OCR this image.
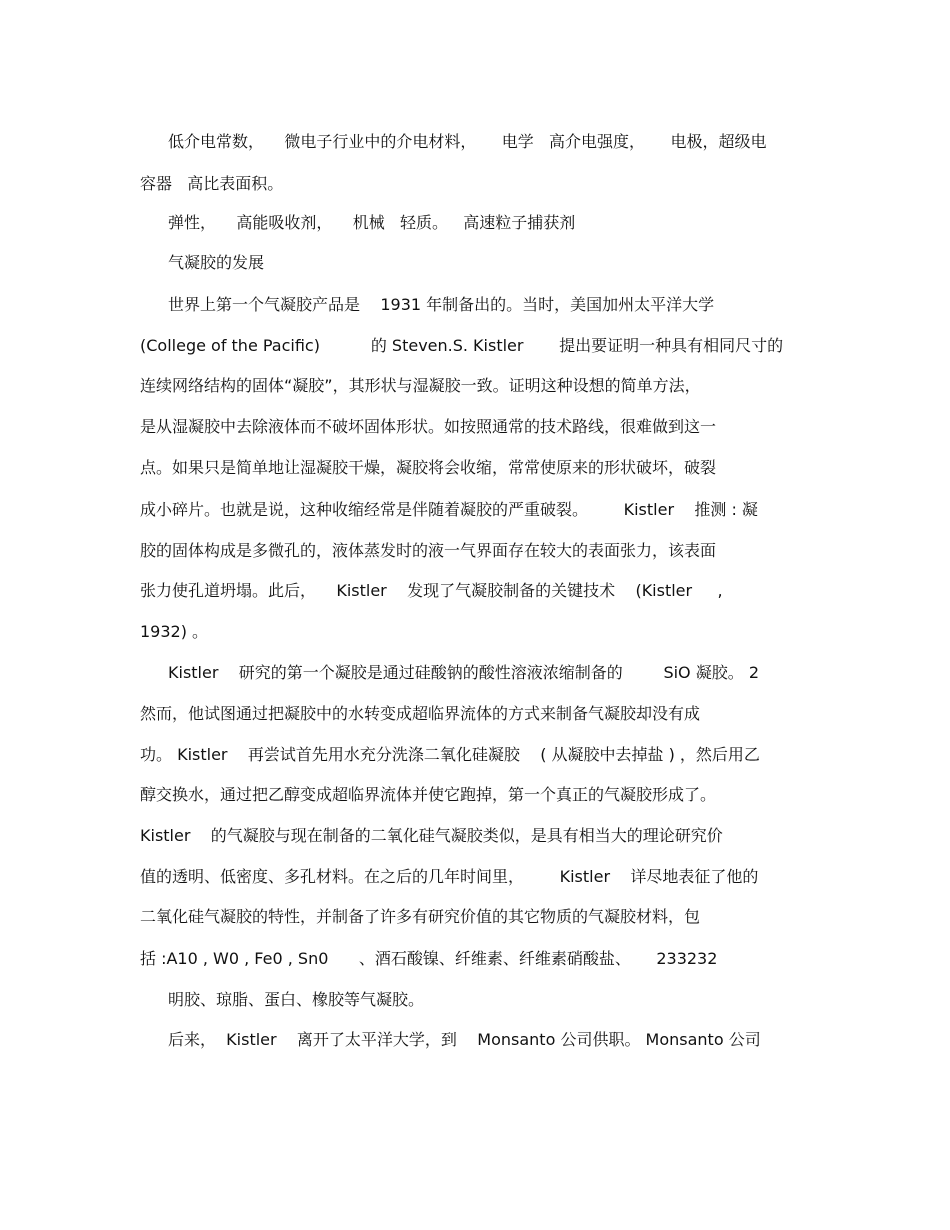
低介电常数，    微电子行业中的介电材料，     电学   高介电强度，     电极，超级电
容器   高比表面积。
弹性，    高能吸收剂，    机械   轻质。   高速粒子捕获剂
气凝胶的发展
世界上第一个气凝胶产品是    1931 年制备出的。当时，美国加州太平洋大学
(College of the Pacific)          的 Steven.S. Kistler       提出要证明一种具有相同尺寸的
连续网络结构的固体“凝胶”，其形状与湿凝胶一致。证明这种设想的简单方法，
是从湿凝胶中去除液体而不破坏固体形状。如按照通常的技术路线，很难做到这一
点。如果只是简单地让湿凝胶干燥，凝胶将会收缩，常常使原来的形状破坏，破裂
成小碎片。也就是说，这种收缩经常是伴随着凝胶的严重破裂。       Kistler    推测 : 凝
胶的固体构成是多微孔的，液体蒸发时的液一气界面存在较大的表面张力，该表面
张力使孔道坍塌。此后，    Kistler    发现了气凝胶制备的关键技术    (Kistler     ,
1932) 。
Kistler    研究的第一个凝胶是通过硅酸钠的酸性溶液浓缩制备的        SiO 凝胶。 2
然而，他试图通过把凝胶中的水转变成超临界流体的方式来制备气凝胶却没有成
功。 Kistler    再尝试首先用水充分洗涤二氧化硅凝胶    ( 从凝胶中去掉盐 ) ，然后用乙
醇交换水，通过把乙醇变成超临界流体并使它跑掉，第一个真正的气凝胶形成了。
Kistler    的气凝胶与现在制备的二氧化硅气凝胶类似，是具有相当大的理论研究价
值的透明、低密度、多孔材料。在之后的几年时间里，       Kistler    详尽地表征了他的
二氧化硅气凝胶的特性，并制备了许多有研究价值的其它物质的气凝胶材料，包
括 :A10 , W0 , Fe0 , Sn0      、酒石酸镍、纤维素、纤维素硝酸盐、     233232
明胶、琼脂、蛋白、橡胶等气凝胶。
后来，  Kistler    离开了太平洋大学，到    Monsanto 公司供职。 Monsanto 公司
